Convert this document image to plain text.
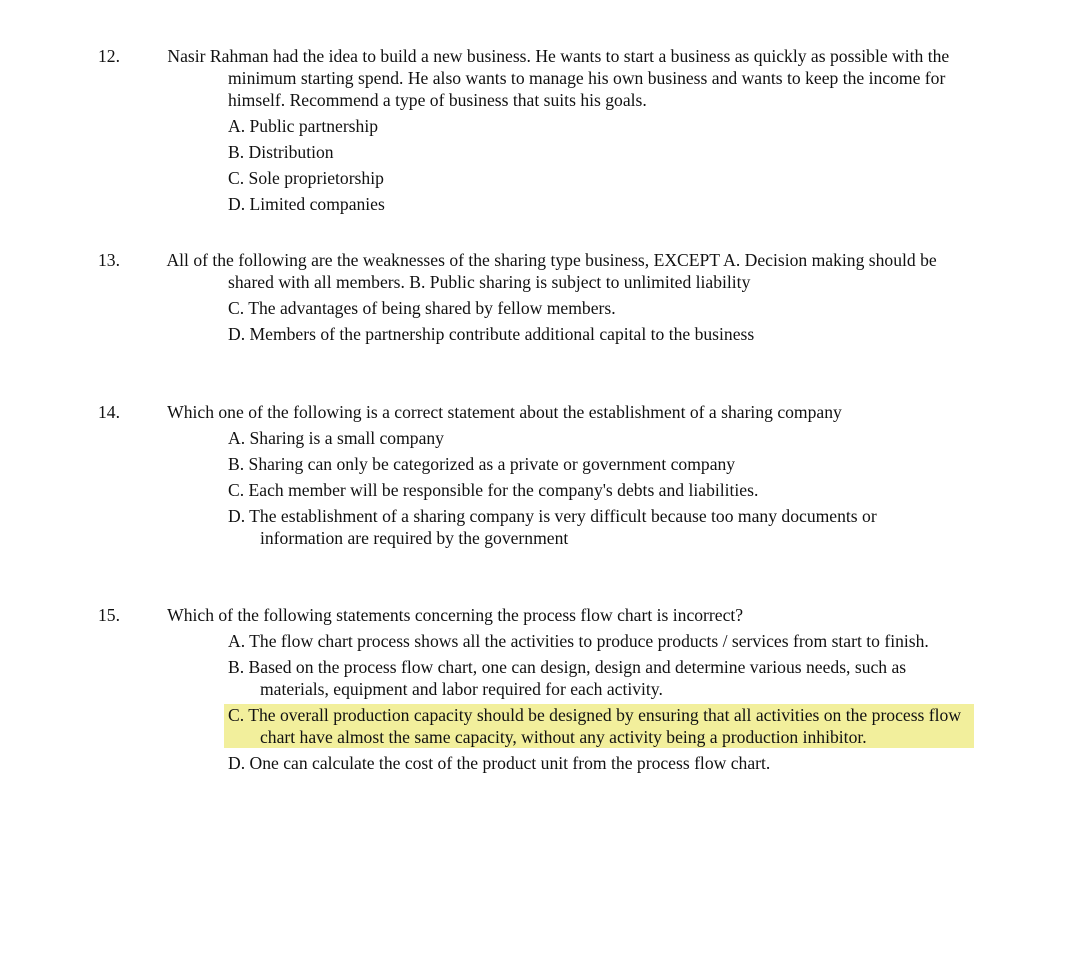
12.	Nasir Rahman had the idea to build a new business. He wants to start a business as quickly as possible with the minimum starting spend. He also wants to manage his own business and wants to keep the income for himself. Recommend a type of business that suits his goals.

A. Public partnership
B. Distribution
C. Sole proprietorship
D. Limited companies

13.	All of the following are the weaknesses of the sharing type business, EXCEPT A. Decision making should be shared with all members. B. Public sharing is subject to unlimited liability

C. The advantages of being shared by fellow members.
D. Members of the partnership contribute additional capital to the business

14.	Which one of the following is a correct statement about the establishment of a sharing company

A. Sharing is a small company
B. Sharing can only be categorized as a private or government company
C. Each member will be responsible for the company's debts and liabilities.
D. The establishment of a sharing company is very difficult because too many documents or information are required by the government

15.	Which of the following statements concerning the process flow chart is incorrect?

A. The flow chart process shows all the activities to produce products / services from start to finish.
B. Based on the process flow chart, one can design, design and determine various needs, such as materials, equipment and labor required for each activity.
C. The overall production capacity should be designed by ensuring that all activities on the process flow chart have almost the same capacity, without any activity being a production inhibitor.
D. One can calculate the cost of the product unit from the process flow chart.
